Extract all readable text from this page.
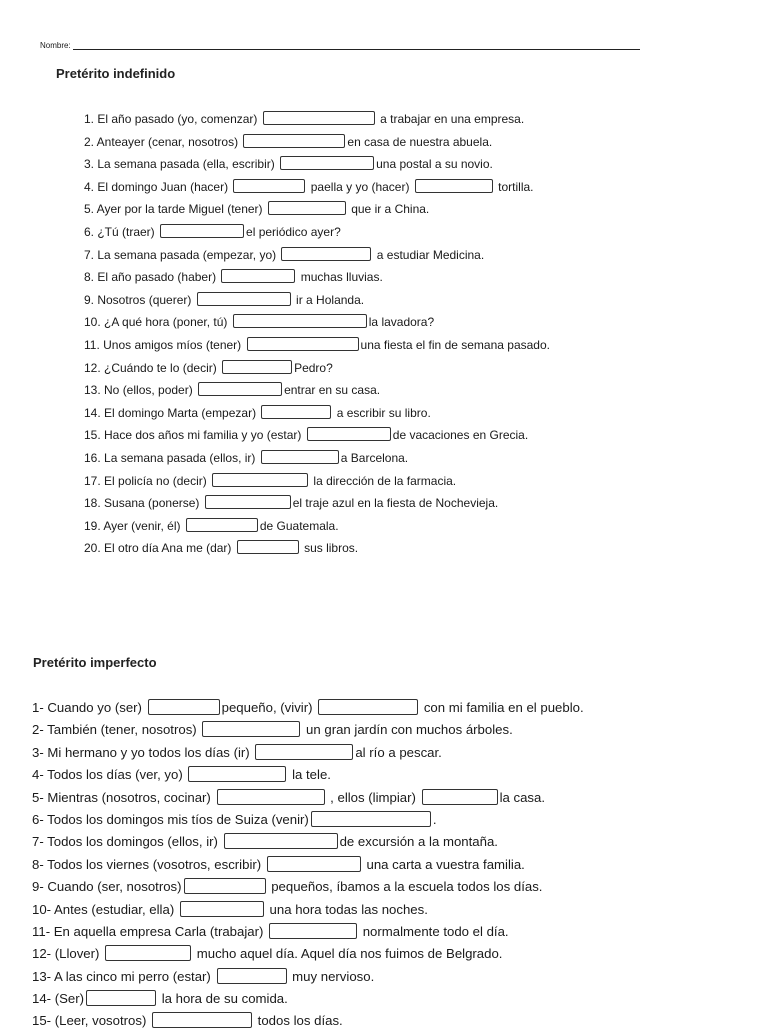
Nombre:
Pretérito indefinido
1. El año pasado (yo, comenzar)	a trabajar en una empresa.
2. Anteayer (cenar, nosotros)	en casa de nuestra abuela.
3. La semana pasada (ella, escribir)	una postal a su novio.
4. El domingo Juan (hacer)	paella y yo (hacer)	tortilla.
5. Ayer por la tarde Miguel (tener)	que ir a China.
6. ¿Tú (traer)	el periódico ayer?
7. La semana pasada (empezar, yo)	a estudiar Medicina.
8. El año pasado (haber)	muchas lluvias.
9. Nosotros (querer)	ir a Holanda.
10. ¿A qué hora (poner, tú)	la lavadora?
11. Unos amigos míos (tener)	una fiesta el fin de semana pasado.
12. ¿Cuándo te lo (decir)	Pedro?
13. No (ellos, poder)	entrar en su casa.
14. El domingo Marta (empezar)	a escribir su libro.
15. Hace dos años mi familia y yo (estar)	de vacaciones en Grecia.
16. La semana pasada (ellos, ir)	a Barcelona.
17. El policía no (decir)	la dirección de la farmacia.
18. Susana (ponerse)	el traje azul en la fiesta de Nochevieja.
19. Ayer (venir, él)	de Guatemala.
20. El otro día Ana me (dar)	sus libros.
Pretérito imperfecto
1- Cuando yo (ser)	pequeño, (vivir)	con mi familia en el pueblo.
2- También (tener, nosotros)	un gran jardín con muchos árboles.
3- Mi hermano y yo todos los días (ir)	al río a pescar.
4- Todos los días (ver, yo)	la tele.
5- Mientras (nosotros, cocinar)	, ellos (limpiar)	la casa.
6- Todos los domingos mis tíos de Suiza (venir)	.
7- Todos los domingos (ellos, ir)	de excursión a la montaña.
8- Todos los viernes (vosotros, escribir)	una carta a vuestra familia.
9- Cuando (ser, nosotros)	pequeños, íbamos a la escuela todos los días.
10- Antes (estudiar, ella)	una hora todas las noches.
11- En aquella empresa Carla (trabajar)	normalmente todo el día.
12- (Llover)	mucho aquel día. Aquel día nos fuimos de Belgrado.
13- A las cinco mi perro (estar)	muy nervioso.
14- (Ser)	la hora de su comida.
15- (Leer, vosotros)	todos los días.
